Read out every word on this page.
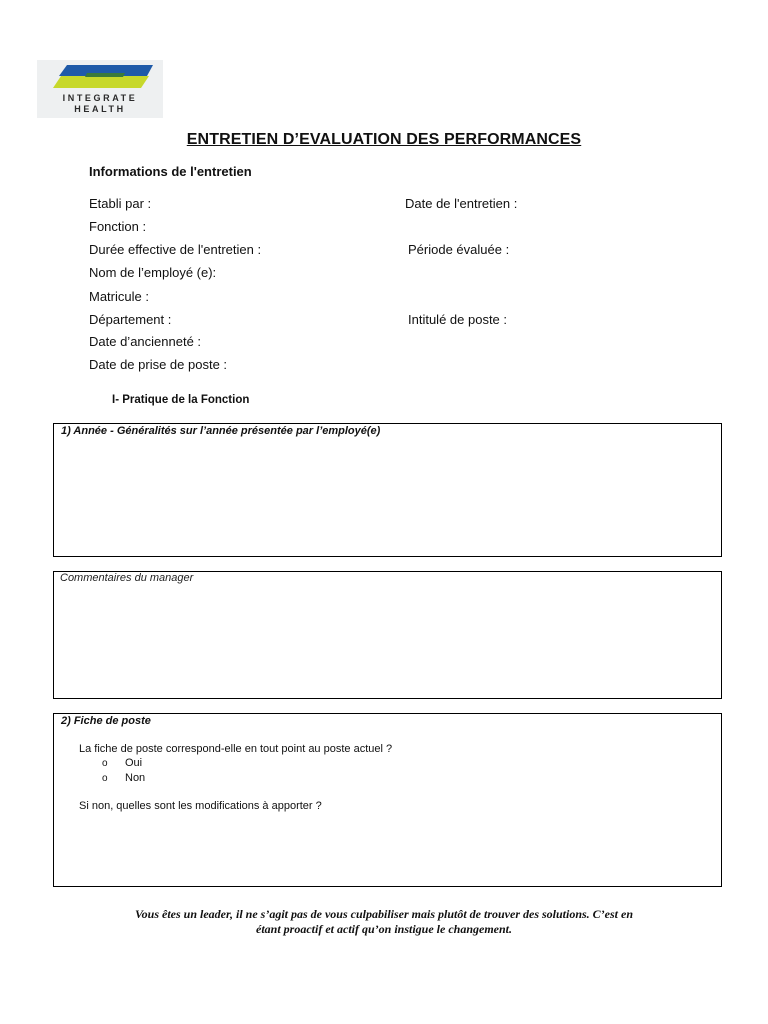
INTEGRATE
HEALTH
ENTRETIEN D’EVALUATION DES PERFORMANCES
Informations de l'entretien
Etabli par :
Fonction :
Durée effective de l'entretien :
Nom de l’employé (e):
Matricule :
Département :
Date d’ancienneté :
Date de prise de poste :
Date de l'entretien :
Période évaluée :
Intitulé de poste :
I- Pratique de la Fonction
1) Année - Généralités sur l’année présentée par l’employé(e)
Commentaires du manager
2) Fiche de poste
La fiche de poste correspond-elle en tout point au poste actuel ?
o Oui
o Non
Si non, quelles sont les modifications à apporter ?
Vous êtes un leader, il ne s’agit pas de vous culpabiliser mais plutôt de trouver des solutions. C’est en
étant proactif et actif qu’on instigue le changement.
